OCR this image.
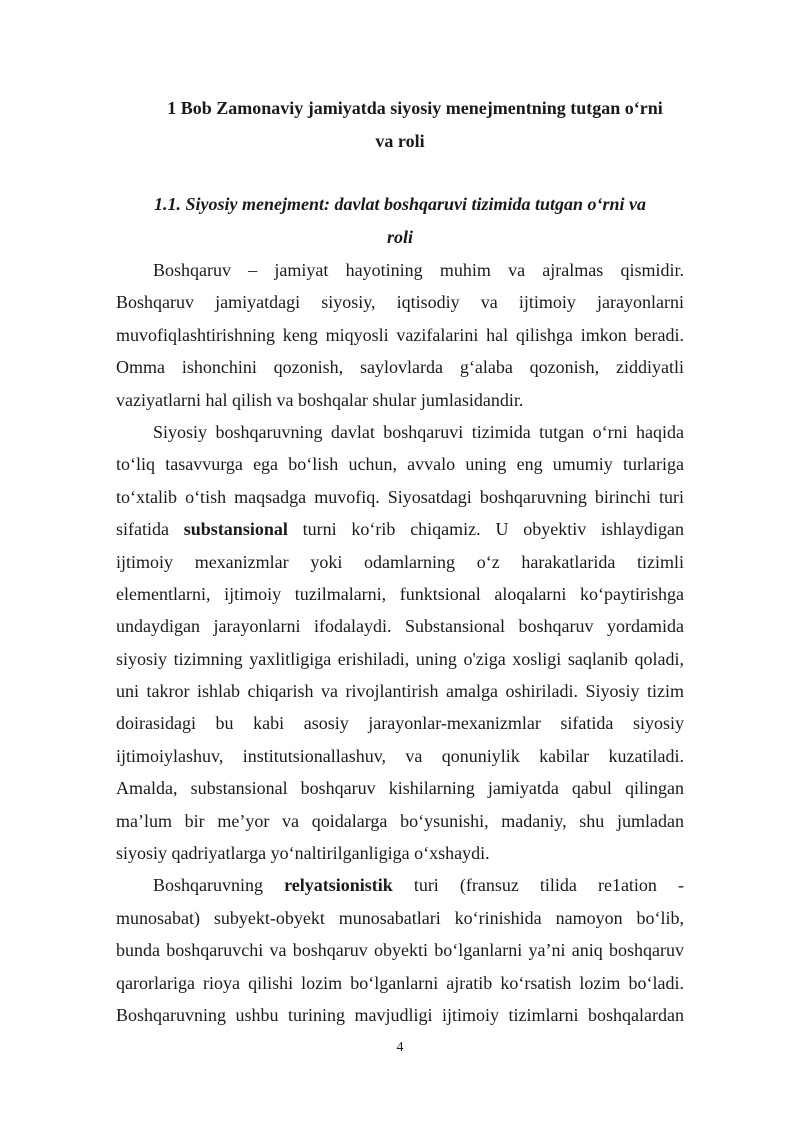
1 Bob Zamonaviy jamiyatda siyosiy menejmentning tutgan o‘rni
va roli
1.1. Siyosiy menejment: davlat boshqaruvi tizimida tutgan o‘rni va
roli
Boshqaruv – jamiyat hayotining muhim va ajralmas qismidir.
Boshqaruv jamiyatdagi siyosiy, iqtisodiy va ijtimoiy jarayonlarni
muvofiqlashtirishning keng miqyosli vazifalarini hal qilishga imkon beradi.
Omma ishonchini qozonish, saylovlarda g‘alaba qozonish, ziddiyatli
vaziyatlarni hal qilish va boshqalar shular jumlasidandir.
Siyosiy boshqaruvning davlat boshqaruvi tizimida tutgan o‘rni haqida
to‘liq tasavvurga ega bo‘lish uchun, avvalo uning eng umumiy turlariga
to‘xtalib o‘tish maqsadga muvofiq. Siyosatdagi boshqaruvning birinchi turi
sifatida substansional turni ko‘rib chiqamiz. U obyektiv ishlaydigan
ijtimoiy mexanizmlar yoki odamlarning o‘z harakatlarida tizimli
elementlarni, ijtimoiy tuzilmalarni, funktsional aloqalarni ko‘paytirishga
undaydigan jarayonlarni ifodalaydi. Substansional boshqaruv yordamida
siyosiy tizimning yaxlitligiga erishiladi, uning o'ziga xosligi saqlanib qoladi,
uni takror ishlab chiqarish va rivojlantirish amalga oshiriladi. Siyosiy tizim
doirasidagi bu kabi asosiy jarayonlar-mexanizmlar sifatida siyosiy
ijtimoiylashuv, institutsionallashuv, va qonuniylik kabilar kuzatiladi.
Amalda, substansional boshqaruv kishilarning jamiyatda qabul qilingan
ma’lum bir me’yor va qoidalarga bo‘ysunishi, madaniy, shu jumladan
siyosiy qadriyatlarga yo‘naltirilganligiga o‘xshaydi.
Boshqaruvning relyatsionistik turi (fransuz tilida re1ation -
munosabat) subyekt-obyekt munosabatlari ko‘rinishida namoyon bo‘lib,
bunda boshqaruvchi va boshqaruv obyekti bo‘lganlarni ya’ni aniq boshqaruv
qarorlariga rioya qilishi lozim bo‘lganlarni ajratib ko‘rsatish lozim bo‘ladi.
Boshqaruvning ushbu turining mavjudligi ijtimoiy tizimlarni boshqalardan
4
